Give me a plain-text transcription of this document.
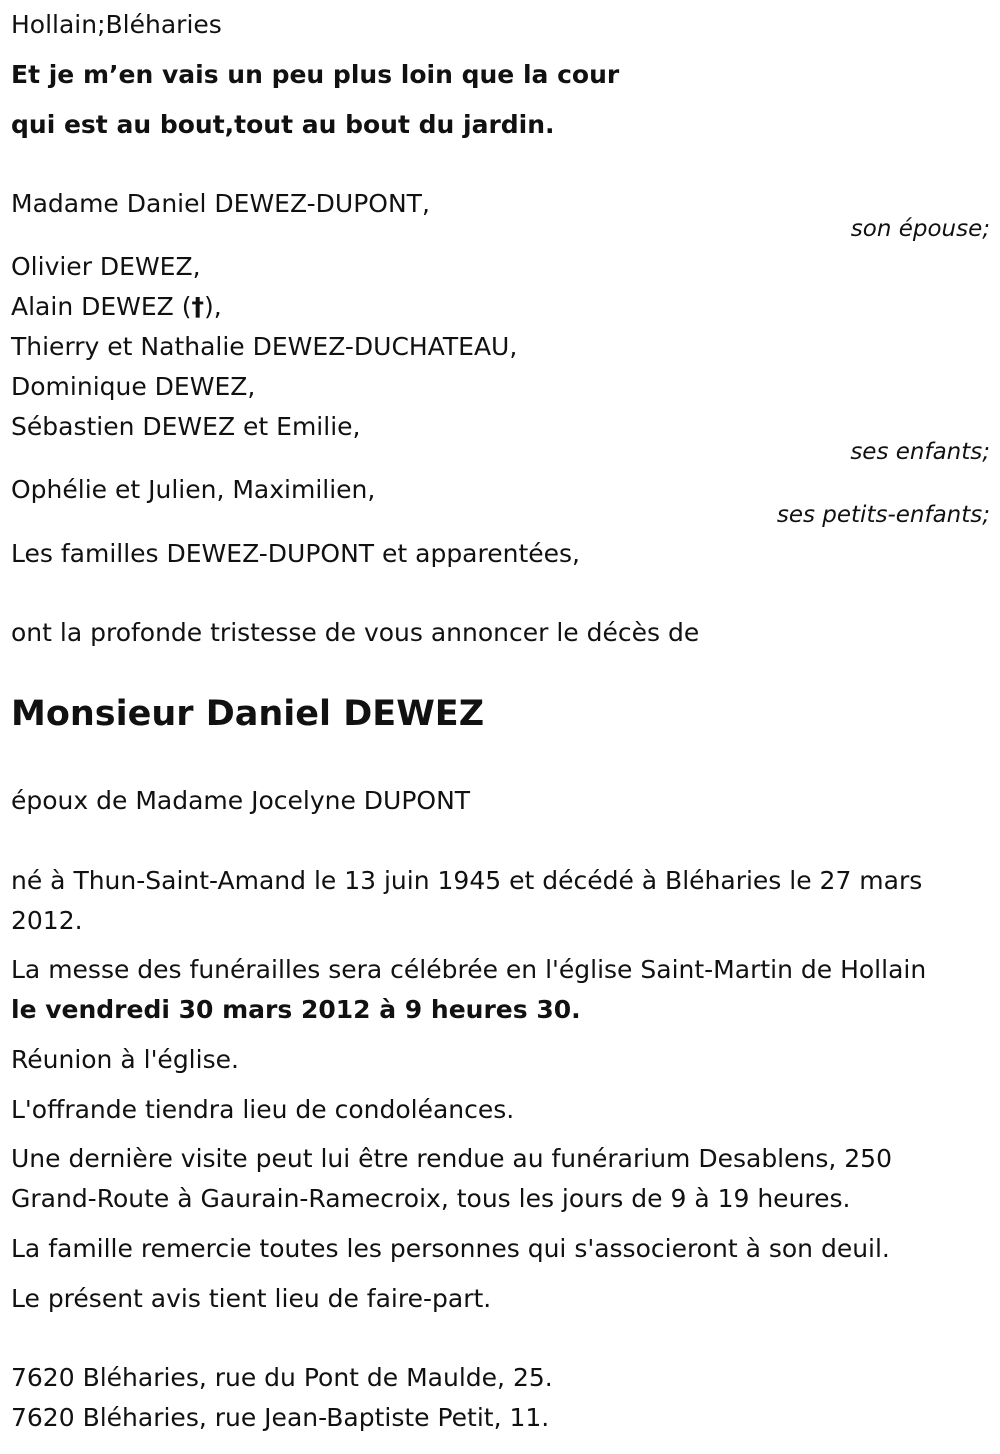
Hollain;Bléharies
Et je m’en vais un peu plus loin que la cour
qui est au bout,tout au bout du jardin.
Madame Daniel DEWEZ-DUPONT,
son épouse;
Olivier DEWEZ,
Alain DEWEZ (†),
Thierry et Nathalie DEWEZ-DUCHATEAU,
Dominique DEWEZ,
Sébastien DEWEZ et Emilie,
ses enfants;
Ophélie et Julien, Maximilien,
ses petits-enfants;
Les familles DEWEZ-DUPONT et apparentées,
ont la profonde tristesse de vous annoncer le décès de
Monsieur Daniel DEWEZ
époux de Madame Jocelyne DUPONT
né à Thun-Saint-Amand le 13 juin 1945 et décédé à Bléharies le 27 mars
2012.
La messe des funérailles sera célébrée en l'église Saint-Martin de Hollain
le vendredi 30 mars 2012 à 9 heures 30.
Réunion à l'église.
L'offrande tiendra lieu de condoléances.
Une dernière visite peut lui être rendue au funérarium Desablens, 250
Grand-Route à Gaurain-Ramecroix, tous les jours de 9 à 19 heures.
La famille remercie toutes les personnes qui s'associeront à son deuil.
Le présent avis tient lieu de faire-part.
7620 Bléharies, rue du Pont de Maulde, 25.
7620 Bléharies, rue Jean-Baptiste Petit, 11.
